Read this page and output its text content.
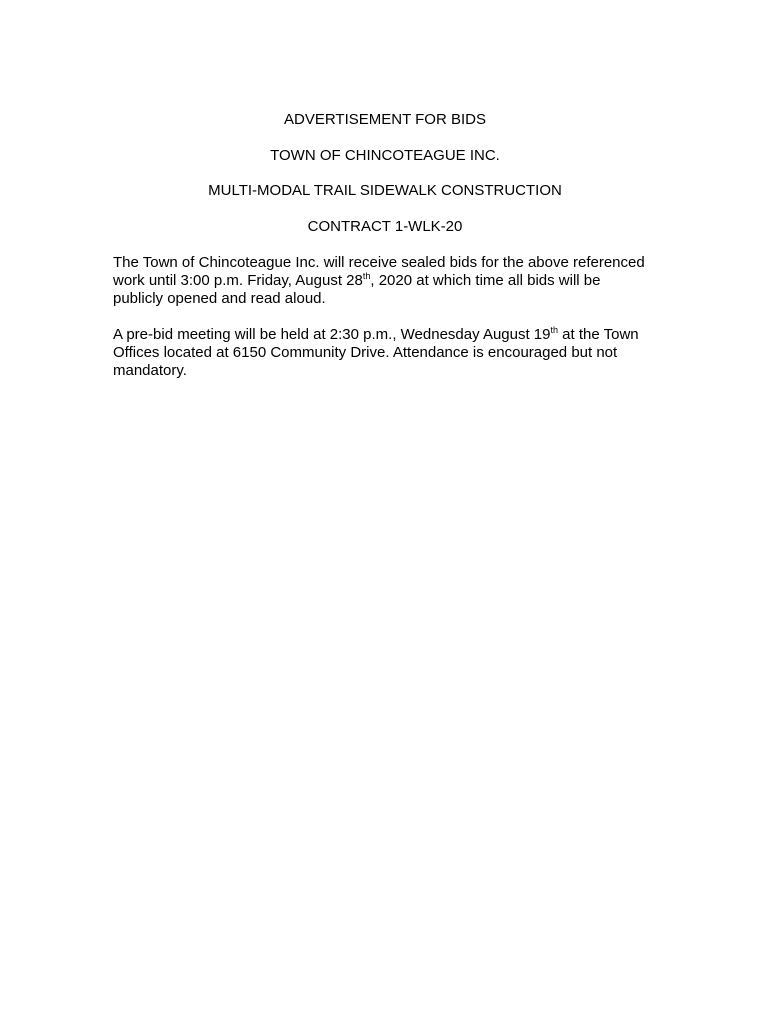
ADVERTISEMENT FOR BIDS

TOWN OF CHINCOTEAGUE INC.

MULTI-MODAL TRAIL SIDEWALK CONSTRUCTION

CONTRACT 1-WLK-20

The Town of Chincoteague Inc. will receive sealed bids for the above referenced
work until 3:00 p.m. Friday, August 28th, 2020 at which time all bids will be
publicly opened and read aloud.

A pre-bid meeting will be held at 2:30 p.m., Wednesday August 19th at the Town
Offices located at 6150 Community Drive. Attendance is encouraged but not
mandatory.
